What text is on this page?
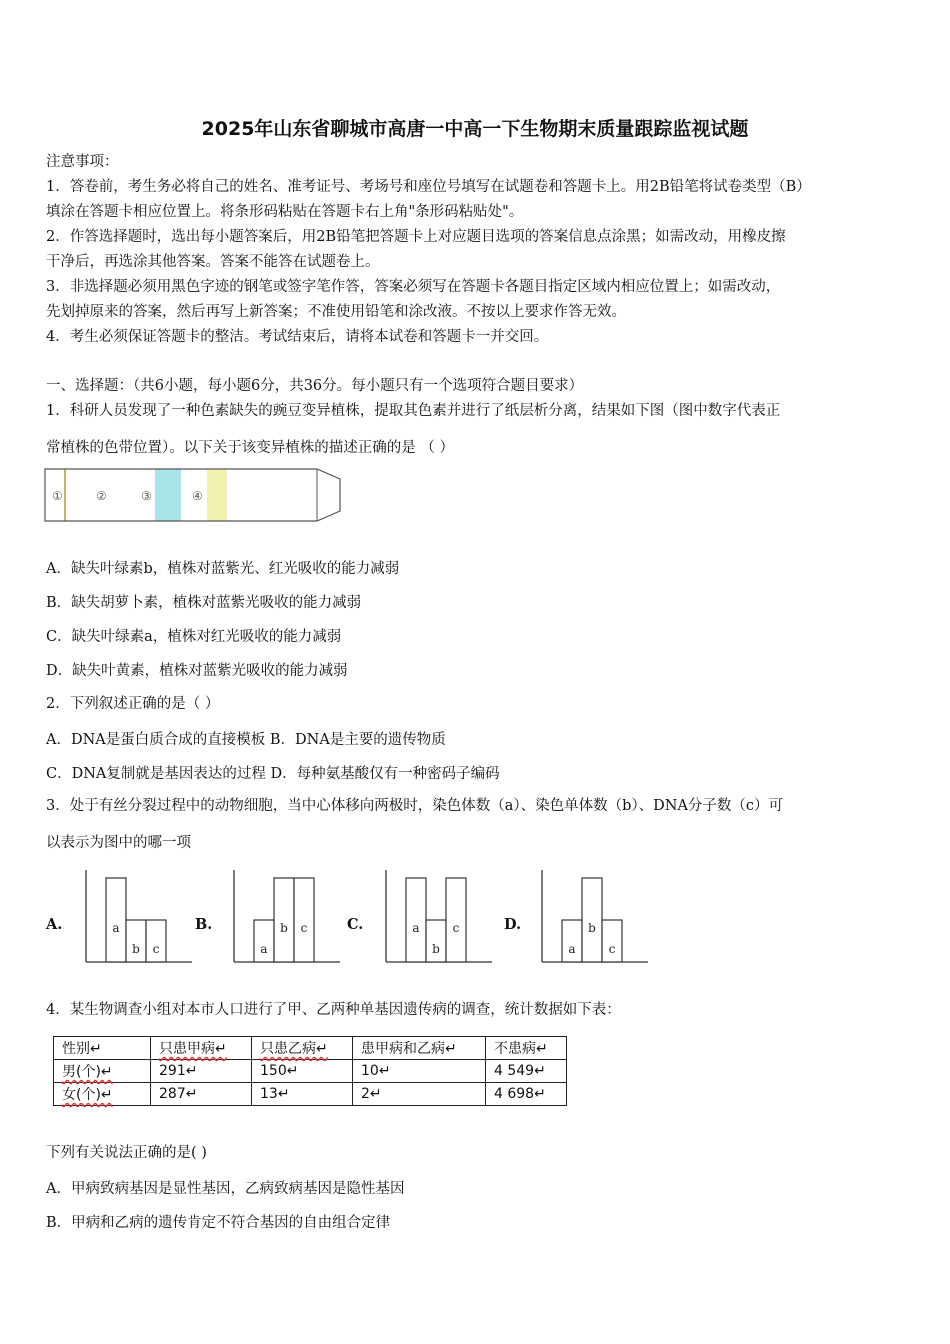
2025年山东省聊城市高唐一中高一下生物期末质量跟踪监视试题
注意事项：
1．答卷前，考生务必将自己的姓名、准考证号、考场号和座位号填写在试题卷和答题卡上。用2B铅笔将试卷类型（B）
填涂在答题卡相应位置上。将条形码粘贴在答题卡右上角"条形码粘贴处"。
2．作答选择题时，选出每小题答案后，用2B铅笔把答题卡上对应题目选项的答案信息点涂黑；如需改动，用橡皮擦
干净后，再选涂其他答案。答案不能答在试题卷上。
3．非选择题必须用黑色字迹的钢笔或签字笔作答，答案必须写在答题卡各题目指定区域内相应位置上；如需改动，
先划掉原来的答案，然后再写上新答案；不准使用铅笔和涂改液。不按以上要求作答无效。
4．考生必须保证答题卡的整洁。考试结束后，请将本试卷和答题卡一并交回。
一、选择题：（共6小题，每小题6分，共36分。每小题只有一个选项符合题目要求）
1．科研人员发现了一种色素缺失的豌豆变异植株，提取其色素并进行了纸层析分离，结果如下图（图中数字代表正
常植株的色带位置）。以下关于该变异植株的描述正确的是 （ ）
①	②	③	④
A．缺失叶绿素b，植株对蓝紫光、红光吸收的能力减弱
B．缺失胡萝卜素，植株对蓝紫光吸收的能力减弱
C．缺失叶绿素a，植株对红光吸收的能力减弱
D．缺失叶黄素，植株对蓝紫光吸收的能力减弱
2．下列叙述正确的是（ ）
A．DNA是蛋白质合成的直接模板 B．DNA是主要的遗传物质
C．DNA复制就是基因表达的过程 D．每种氨基酸仅有一种密码子编码
3．处于有丝分裂过程中的动物细胞，当中心体移向两极时，染色体数（a）、染色单体数（b）、DNA分子数（c）可
以表示为图中的哪一项
A.	B.	C.	D.
a
b c	a
b c	a
b
c
a
b
c
4．某生物调查小组对本市人口进行了甲、乙两种单基因遗传病的调查，统计数据如下表：
性别↵	只患甲病↵	只患乙病↵	患甲病和乙病↵	不患病↵
男(个)↵	291↵	150↵	10↵	4 549↵
女(个)↵	287↵	13↵	2↵	4 698↵
下列有关说法正确的是( )
A．甲病致病基因是显性基因，乙病致病基因是隐性基因
B．甲病和乙病的遗传肯定不符合基因的自由组合定律
